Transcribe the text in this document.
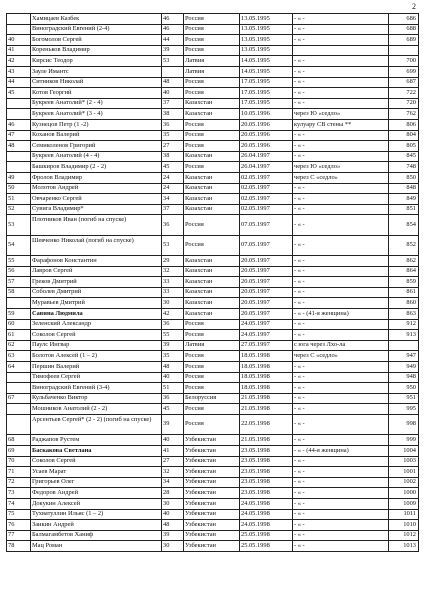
2
	Хамицаев Казбек	46	Россия	13.05.1995	- « -	686
	Виноградский Евгений (2-4)	46	Россия	13.05.1995	- « -	688
40	Богомолов Сергей	44	Россия	13.05.1995	- « -	689
41	Кореньков Владимир	39	Россия	13.05.1995		
42	Кирсис Теодор	53	Латвия	14.05.1995	- « -	700
43	Зауле Имантс		Латвия	14.05.1995	- « -	699
44	Ситников Николай	48	Россия	17.05.1995	- « -	687
45	Котов Георгий	40	Россия	17.05.1995	- « -	722
	Букреев Анатолий* (2 - 4)	37	Казахстан	17.05.1995	- « -	720
	Букреев Анатолий* (3 - 4)	38	Казахстан	10.05.1996	через Ю «седло»	762
46	Кузнецов Петр (1 -2)	36	Россия	20.05.1996	кулуару СВ стены **	806
47	Коханов Валерий	35	Россия	20.05.1996	- « -	804
48	Семиколенов Григорий	27	Россия	20.05.1996	- « -	805
	Букреев Анатолий (4 - 4)	38	Казахстан	26.04.1997	- « -	845
	Башкиров Владимир (2 - 2)	45	Россия	26.04.1997	через Ю «седло»	748
49	Фролов Владимир	24	Казахстан	02.05.1997	через С «седло»	850
50	Молотов Андрей	24	Казахстан	02.05.1997	- « -	848
51	Овчаренко Сергей	34	Казахстан	02.05.1997	- « -	849
52	Сувига Владимир*	37	Казахстан	02.05.1997	- « -	851
53	Плотников Иван (погиб на спуске)	36	Россия	07.05.1997	- « -	854
54	Шевченко Николай (погиб на спуске)	53	Россия	07.05.1997	- « -	852
55	Фарафонов Константин	29	Казахстан	20.05.1997	- « -	862
56	Лавров Сергей	32	Казахстан	20.05.1997	- « -	864
57	Греков Дмитрий	33	Казахстан	20.05.1997	- « -	859
58	Соболев Дмитрий	33	Казахстан	20.05.1997	- « -	861
	Муравьев Дмитрий	30	Казахстан	20.05.1997	- « -	860
59	Савина Людмила	42	Казахстан	20.05.1997	- « - (41-я женщина)	863
60	Зеленский Александр	36	Россия	24.05.1997	- « -	912
61	Соколов Сергей	55	Россия	24.05.1997	- « -	913
62	Паулс Ингвар	39	Латвия	27.05.1997	с юга через Лхо-ла	
63	Болотов Алексей (1 – 2)	35	Россия	18.05.1998	через С «седло»	947
64	Першин Валерий	48	Россия	18.05.1998	- « -	949
	Тимофеев Сергей	40	Россия	18.05.1998	- « -	948
	Виноградский Евгений (3-4)	51	Россия	18.05.1998	- « -	950
67	Кульбаченко Виктор	36	Белоруссия	21.05.1998	- « -	951
	Мошников Анатолий (2 - 2)	45	Россия	21.05.1998	- « -	995
	Арсентьев Сергей* (2 - 2) (погиб на спуске)	39	Россия	22.05.1998	- « -	998
68	Раджапов Рустем	40	Узбекистан	21.05.1998	- « -	999
69	Баскакова Светлана	41	Узбекистан	23.05.1998	- « - (44-я женщина)	1004
70	Соколов Сергей	27	Узбекистан	23.05.1998	- « -	1003
71	Усаев Марат	32	Узбекистан	23.05.1998	- « -	1001
72	Григорьев Олег	34	Узбекистан	23.05.1998	- « -	1002
73	Федоров Андрей	28	Узбекистан	23.05.1998	- « -	1000
74	Докукин Алексей	30	Узбекистан	24.05.1998	- « -	1009
75	Тухватуллин Ильяс (1 – 2)	40	Узбекистан	24.05.1998	- « -	1011
76	Заикин Андрей	48	Узбекистан	24.05.1998	- « -	1010
77	Балмагамбетов Ханиф	39	Узбекистан	25.05.1998	- « -	1012
78	Мац Роман	30	Узбекистан	25.05.1998	- « -	1013
